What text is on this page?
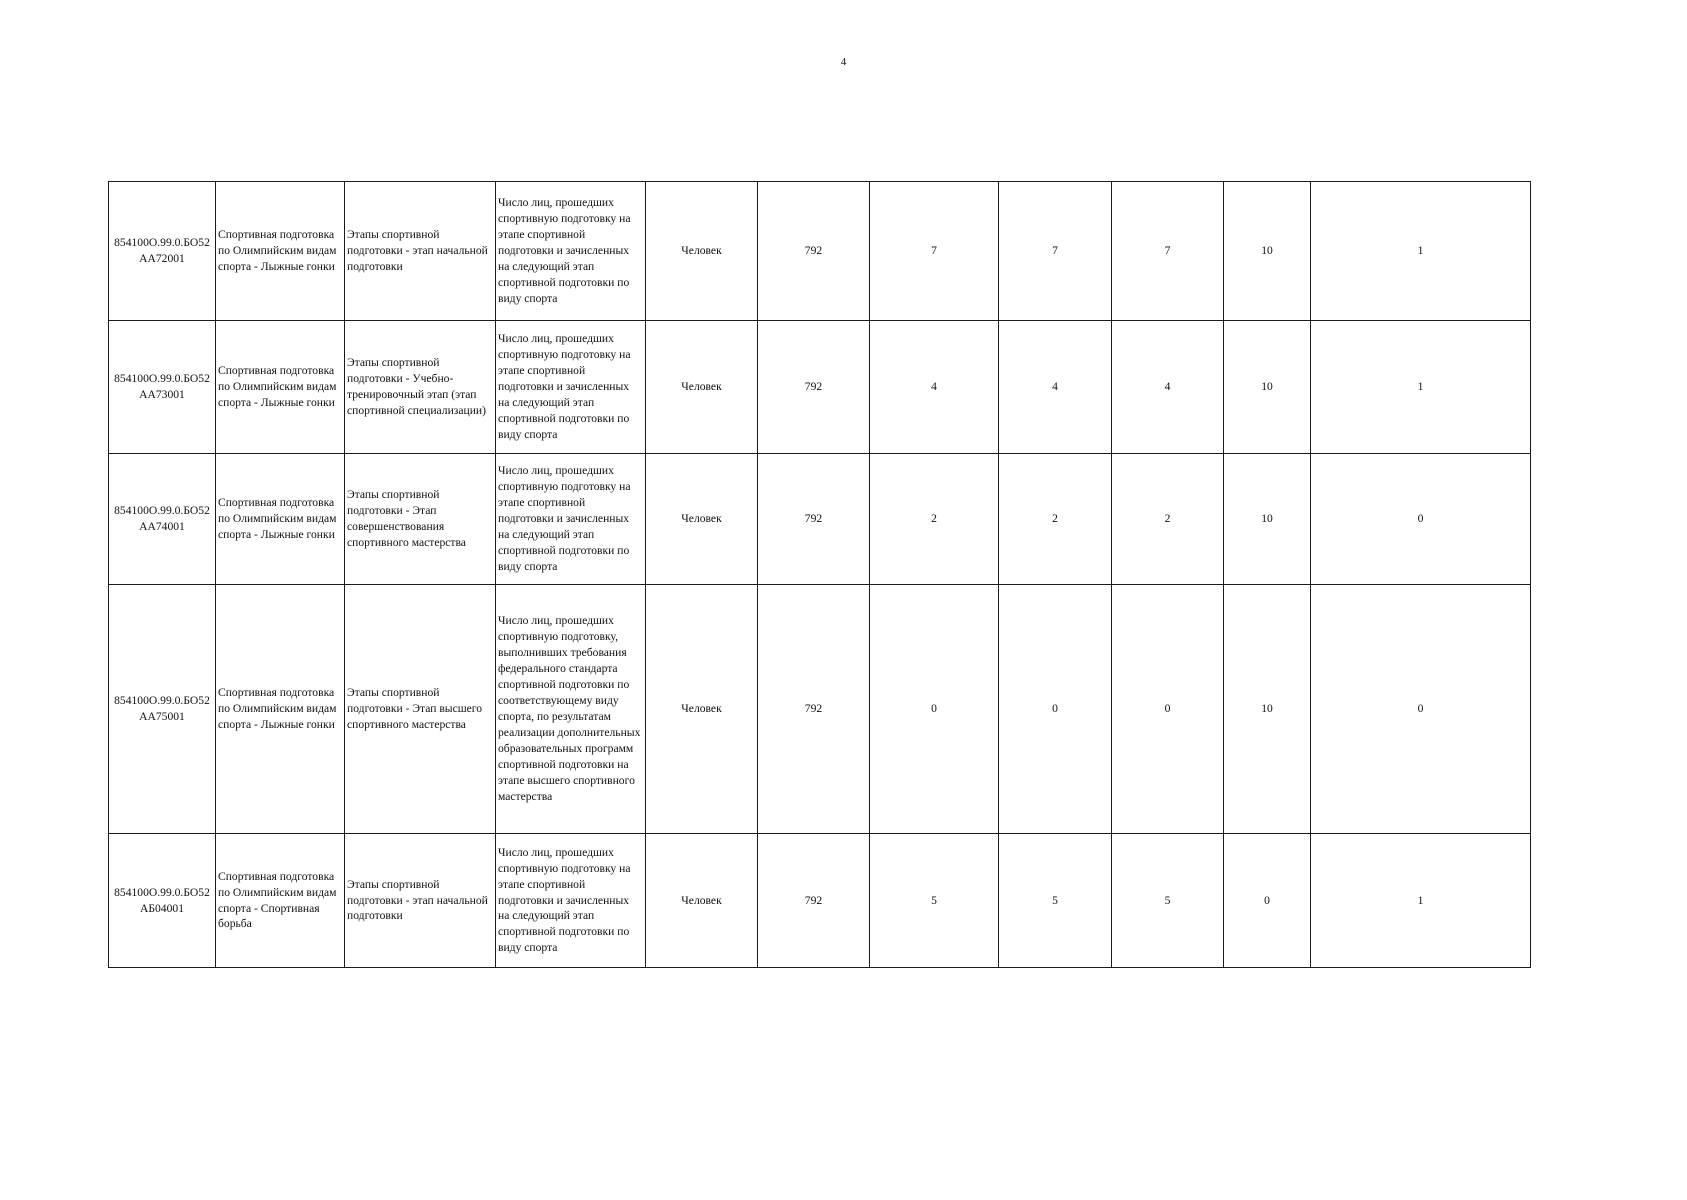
4
854100О.99.0.БО52АА72001	Спортивная подготовка по Олимпийским видам спорта - Лыжные гонки	Этапы спортивной подготовки - этап начальной подготовки	Число лиц, прошедших спортивную подготовку на этапе спортивной подготовки и зачисленных на следующий этап спортивной подготовки по виду спорта	Человек	792	7	7	7	10	1
854100О.99.0.БО52АА73001	Спортивная подготовка по Олимпийским видам спорта - Лыжные гонки	Этапы спортивной подготовки - Учебно-тренировочный этап (этап спортивной специализации)	Число лиц, прошедших спортивную подготовку на этапе спортивной подготовки и зачисленных на следующий этап спортивной подготовки по виду спорта	Человек	792	4	4	4	10	1
854100О.99.0.БО52АА74001	Спортивная подготовка по Олимпийским видам спорта - Лыжные гонки	Этапы спортивной подготовки - Этап совершенствования спортивного мастерства	Число лиц, прошедших спортивную подготовку на этапе спортивной подготовки и зачисленных на следующий этап спортивной подготовки по виду спорта	Человек	792	2	2	2	10	0
854100О.99.0.БО52АА75001	Спортивная подготовка по Олимпийским видам спорта - Лыжные гонки	Этапы спортивной подготовки - Этап высшего спортивного мастерства	Число лиц, прошедших спортивную подготовку, выполнивших требования федерального стандарта спортивной подготовки по соответствующему виду спорта, по результатам реализации дополнительных образовательных программ спортивной подготовки на этапе высшего спортивного мастерства	Человек	792	0	0	0	10	0
854100О.99.0.БО52АБ04001	Спортивная подготовка по Олимпийским видам спорта - Спортивная борьба	Этапы спортивной подготовки - этап начальной подготовки	Число лиц, прошедших спортивную подготовку на этапе спортивной подготовки и зачисленных на следующий этап спортивной подготовки по виду спорта	Человек	792	5	5	5	0	1
